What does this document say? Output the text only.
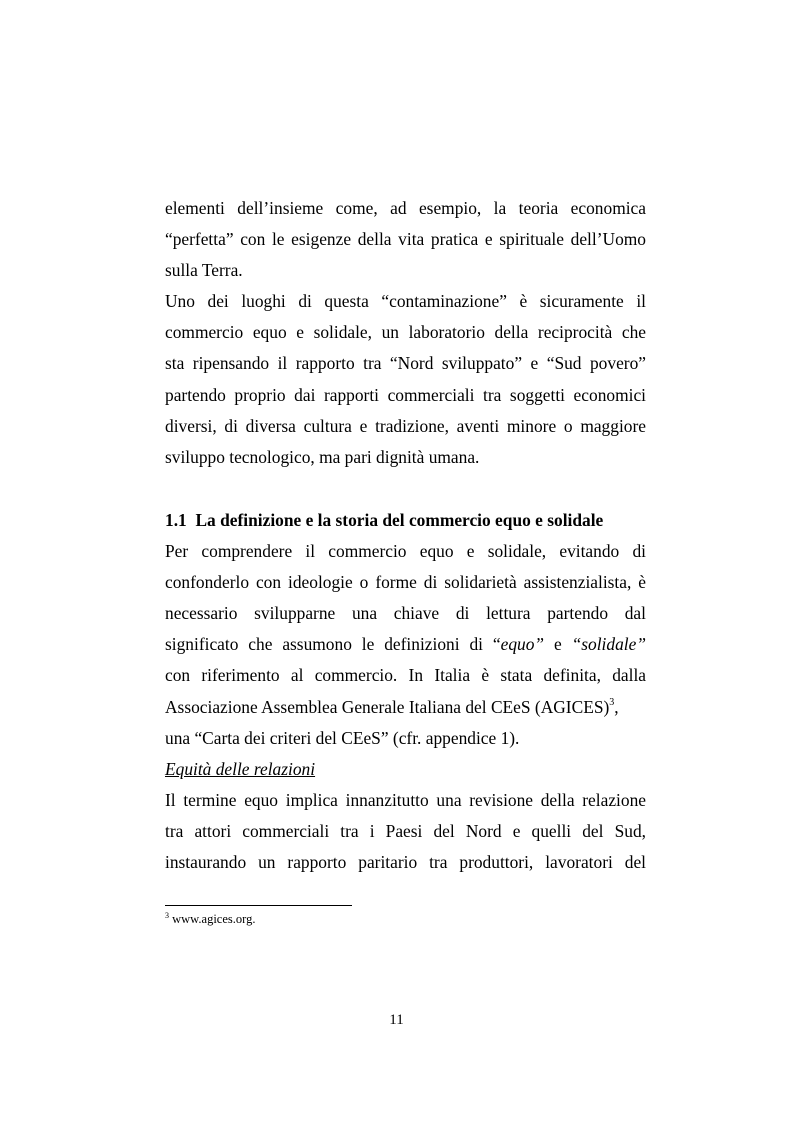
elementi dell’insieme come, ad esempio, la teoria economica
“perfetta” con le esigenze della vita pratica e spirituale dell’Uomo
sulla Terra.
Uno dei luoghi di questa “contaminazione” è sicuramente il
commercio equo e solidale, un laboratorio della reciprocità che
sta ripensando il rapporto tra “Nord sviluppato” e “Sud povero”
partendo proprio dai rapporti commerciali tra soggetti economici
diversi, di diversa cultura e tradizione, aventi minore o maggiore
sviluppo tecnologico, ma pari dignità umana.
1.1 La definizione e la storia del commercio equo e solidale
Per comprendere il commercio equo e solidale, evitando di
confonderlo con ideologie o forme di solidarietà assistenzialista, è
necessario svilupparne una chiave di lettura partendo dal
significato che assumono le definizioni di “equo” e “solidale”
con riferimento al commercio. In Italia è stata definita, dalla
Associazione Assemblea Generale Italiana del CEeS (AGICES)$^3$,
una “Carta dei criteri del CEeS” (cfr. appendice 1).
Equità delle relazioni
Il termine equo implica innanzitutto una revisione della relazione
tra attori commerciali tra i Paesi del Nord e quelli del Sud,
instaurando un rapporto paritario tra produttori, lavoratori del
$^3$ www.agices.org.
11
